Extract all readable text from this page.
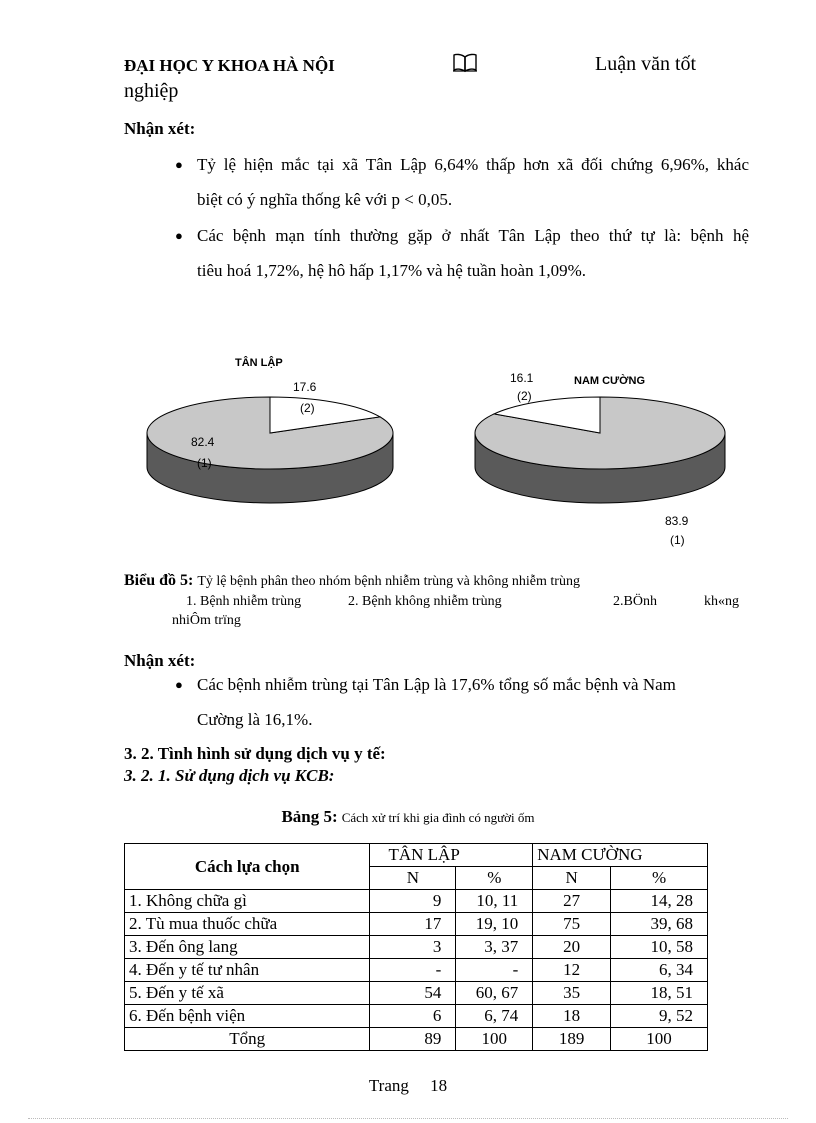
ĐẠI HỌC Y KHOA HÀ NỘI	Luận văn tốt
nghiệp
Nhận xét:
● Tỷ lệ hiện mắc tại xã Tân Lập 6,64% thấp hơn xã đối chứng 6,96%, khác
biệt có ý nghĩa thống kê với p < 0,05.
● Các bệnh mạn tính thường gặp ở nhất Tân Lập theo thứ tự là: bệnh hệ
tiêu hoá 1,72%, hệ hô hấp 1,17% và hệ tuần hoàn 1,09%.
TÂN LẬP
17.6
(2)
82.4
(1)
NAM CƯỜNG
16.1
(2)
83.9
(1)
Biểu đồ 5: Tỷ lệ bệnh phân theo nhóm bệnh nhiễm trùng và không nhiễm trùng
1. Bệnh nhiễm trùng	2. Bệnh không nhiễm trùng	2.BÖnh	kh«ng
nhiÔm trïng
Nhận xét:
● Các bệnh nhiễm trùng tại Tân Lập là 17,6% tổng số mắc bệnh và Nam
Cường là 16,1%.
3. 2. Tình hình sử dụng dịch vụ y tế:
3. 2. 1. Sử dụng dịch vụ KCB:
Bảng 5: Cách xử trí khi gia đình có người ốm
Cách lựa chọn	TÂN LẬP		NAM CƯỜNG	
	N	%	N	%
1. Không chữa gì	9	10, 11	27	14, 28
2. Tù mua thuốc chữa	17	19, 10	75	39, 68
3. Đến ông lang	3	3, 37	20	10, 58
4. Đến y tế tư nhân	-	-	12	6, 34
5. Đến y tế xã	54	60, 67	35	18, 51
6. Đến bệnh viện	6	6, 74	18	9, 52
Tổng	89	100	189	100
Trang 18
